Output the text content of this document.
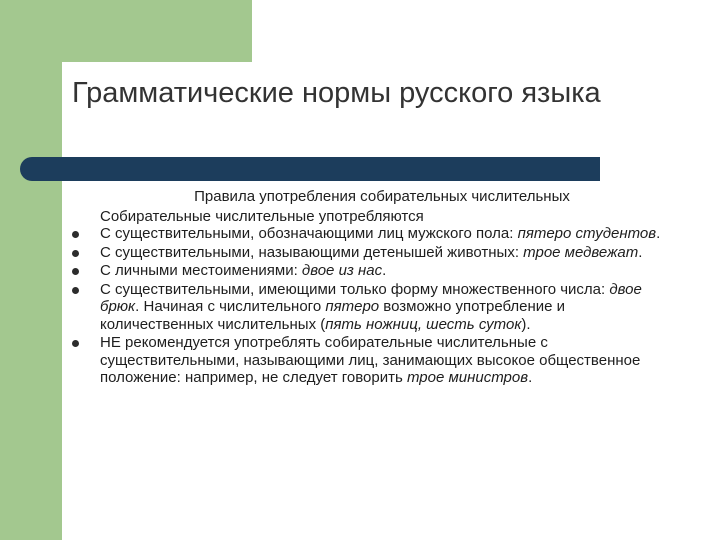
Грамматические нормы русского языка

Правила употребления собирательных числительных

Собирательные числительные употребляются

С существительными, обозначающими лиц мужского пола: пятеро студентов.
С существительными, называющими детенышей животных: трое медвежат.
С личными местоимениями: двое из нас.
С существительными, имеющими только форму множественного числа: двое брюк. Начиная с числительного пятеро возможно употребление и количественных числительных (пять ножниц, шесть суток).
НЕ рекомендуется употреблять собирательные числительные с существительными, называющими лиц, занимающих высокое общественное положение: например, не следует говорить трое министров.
